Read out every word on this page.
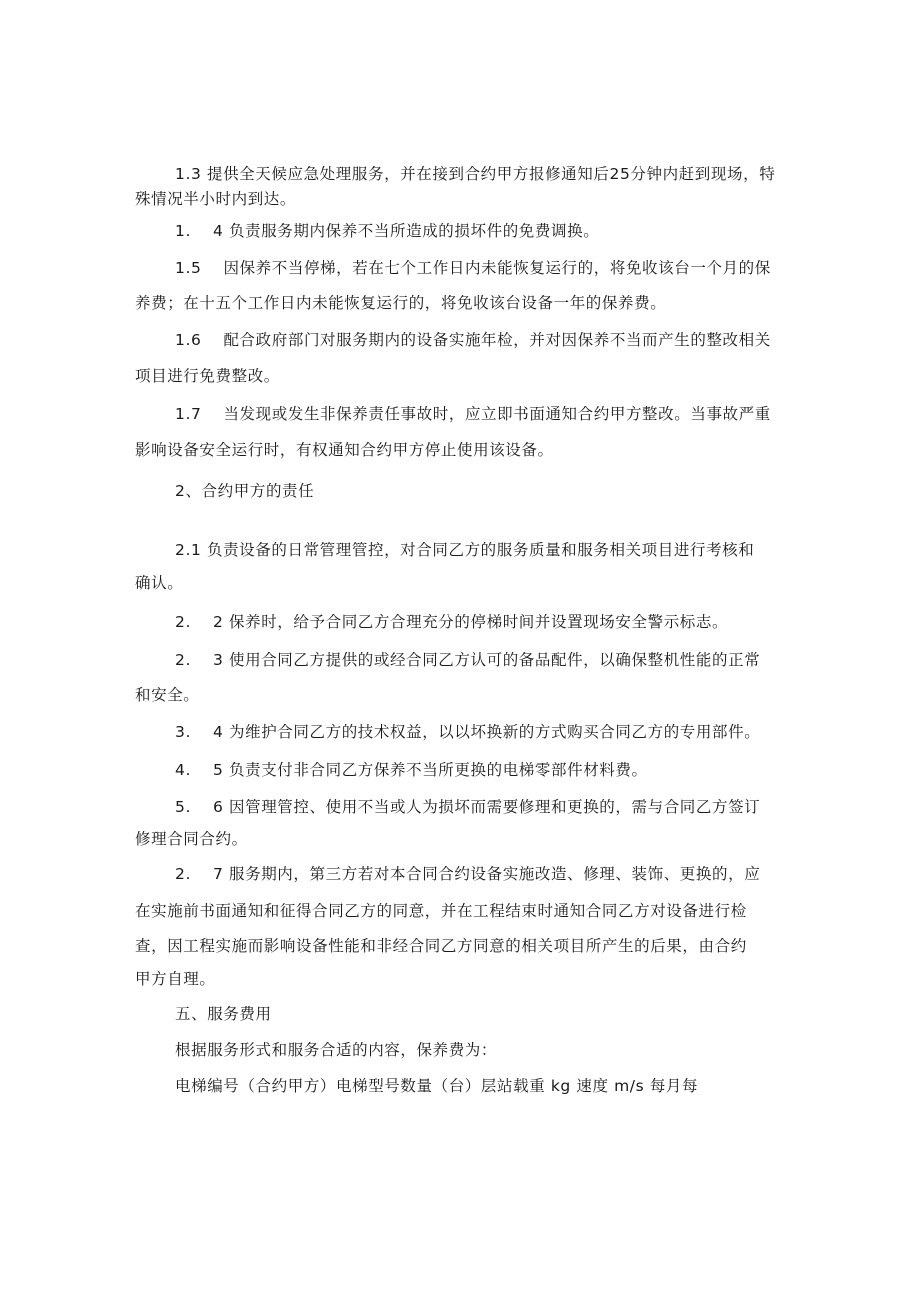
1.3 提供全天候应急处理服务，并在接到合约甲方报修通知后25分钟内赶到现场，特
殊情况半小时内到达。
1. 4 负责服务期内保养不当所造成的损坏件的免费调换。
1.5 因保养不当停梯，若在七个工作日内未能恢复运行的，将免收该台一个月的保
养费；在十五个工作日内未能恢复运行的，将免收该台设备一年的保养费。
1.6 配合政府部门对服务期内的设备实施年检，并对因保养不当而产生的整改相关
项目进行免费整改。
1.7 当发现或发生非保养责任事故时，应立即书面通知合约甲方整改。当事故严重
影响设备安全运行时，有权通知合约甲方停止使用该设备。
2、合约甲方的责任
2.1 负责设备的日常管理管控，对合同乙方的服务质量和服务相关项目进行考核和
确认。
2. 2 保养时，给予合同乙方合理充分的停梯时间并设置现场安全警示标志。
2. 3 使用合同乙方提供的或经合同乙方认可的备品配件，以确保整机性能的正常
和安全。
3. 4 为维护合同乙方的技术权益，以以坏换新的方式购买合同乙方的专用部件。
4. 5 负责支付非合同乙方保养不当所更换的电梯零部件材料费。
5. 6 因管理管控、使用不当或人为损坏而需要修理和更换的，需与合同乙方签订
修理合同合约。
2. 7 服务期内，第三方若对本合同合约设备实施改造、修理、装饰、更换的，应
在实施前书面通知和征得合同乙方的同意，并在工程结束时通知合同乙方对设备进行检
查，因工程实施而影响设备性能和非经合同乙方同意的相关项目所产生的后果，由合约
甲方自理。
五、服务费用
根据服务形式和服务合适的内容，保养费为：
电梯编号（合约甲方）电梯型号数量（台）层站载重 kg 速度 m/s 每月每
